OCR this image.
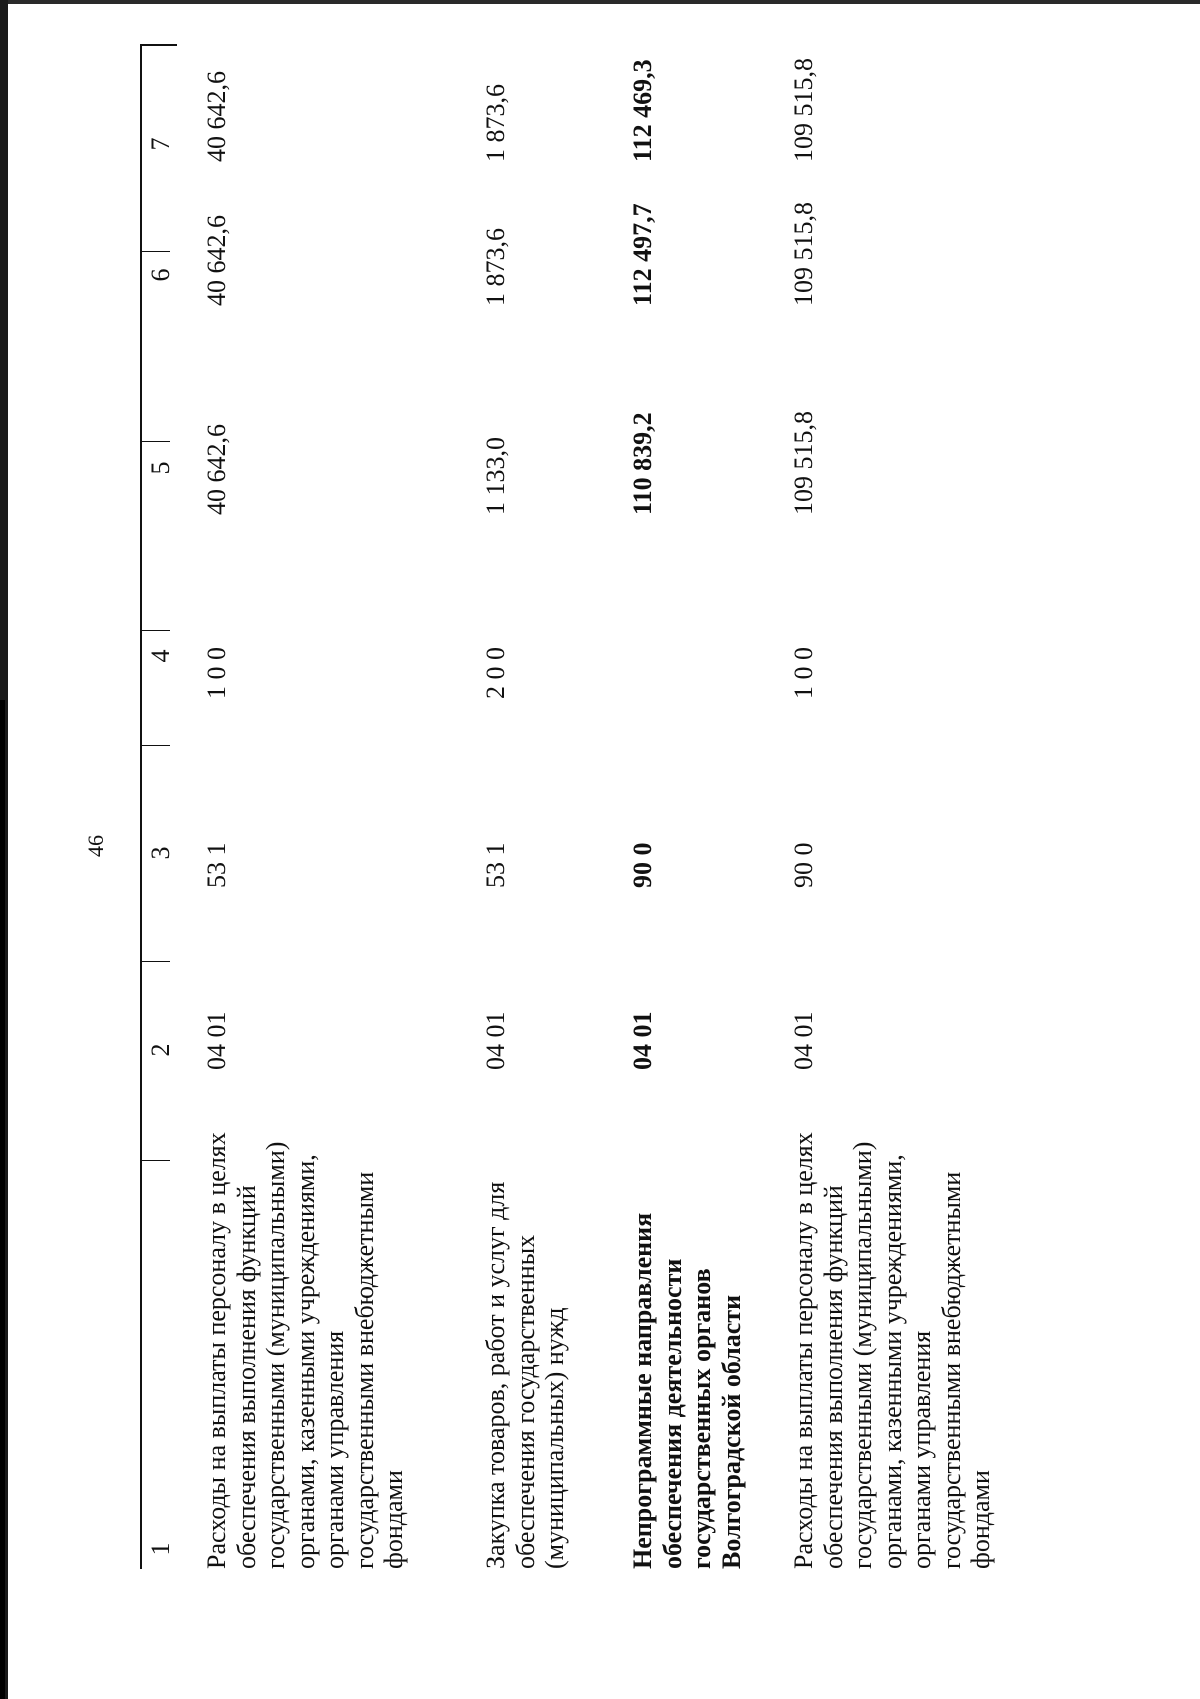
46
1
2
3
4
5
6
7
Расходы на выплаты персоналу в целях обеспечения выполнения функций государственными (муниципальными) органами, казенными учреждениями, органами управления государственными внебюджетными фондами
04 01
53 1
1 0 0
40 642,6
40 642,6
40 642,6
Закупка товаров, работ и услуг для обеспечения государственных (муниципальных) нужд
04 01
53 1
2 0 0
1 133,0
1 873,6
1 873,6
Непрограммные направления обеспечения деятельности государственных органов Волгоградской области
04 01
90 0
110 839,2
112 497,7
112 469,3
Расходы на выплаты персоналу в целях обеспечения выполнения функций государственными (муниципальными) органами, казенными учреждениями, органами управления государственными внебюджетными фондами
04 01
90 0
1 0 0
109 515,8
109 515,8
109 515,8
